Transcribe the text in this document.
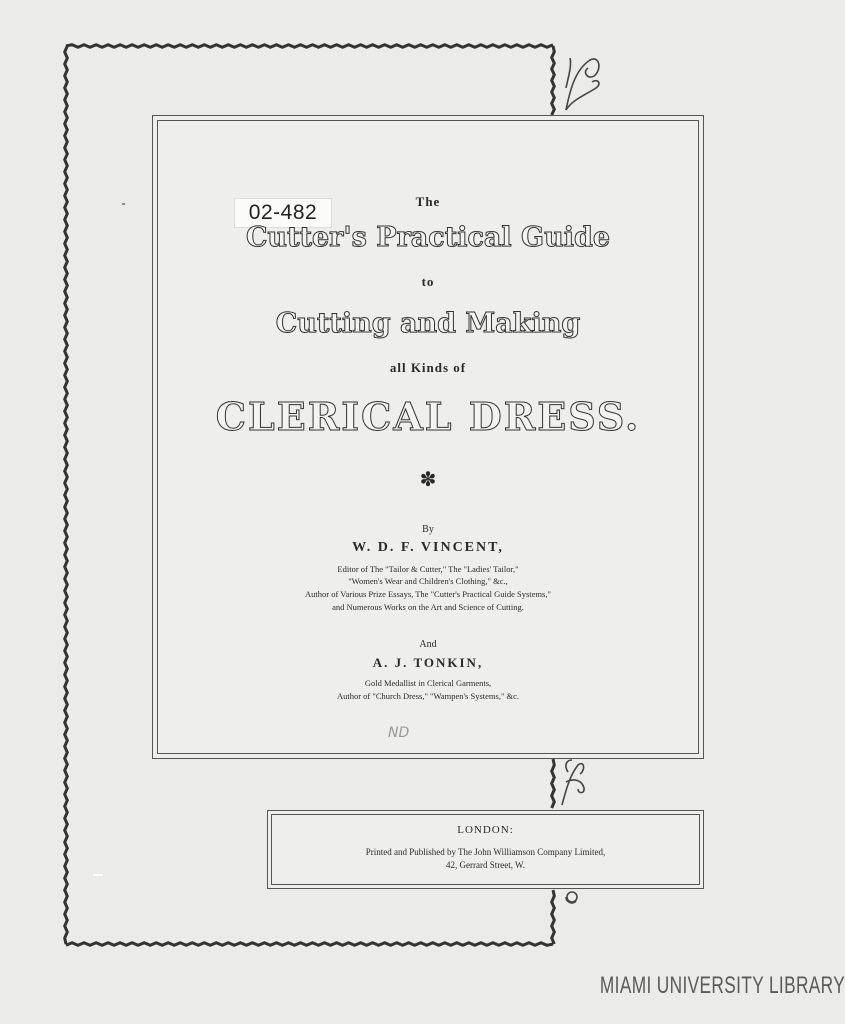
02-482	The
Cutter's Practical Guide
to
Cutting and Making
all Kinds of
CLERICAL DRESS.
✽
By
W. D. F. VINCENT,
Editor of The "Tailor & Cutter," The "Ladies' Tailor,"
"Women's Wear and Children's Clothing," &c.,
Author of Various Prize Essays, The "Cutter's Practical Guide Systems,"
and Numerous Works on the Art and Science of Cutting.
And
A. J. TONKIN,
Gold Medallist in Clerical Garments,
Author of "Church Dress," "Wampen's Systems," &c.
ND
LONDON:
Printed and Published by The John Williamson Company Limited,
42, Gerrard Street, W.
MIAMI UNIVERSITY LIBRARY
